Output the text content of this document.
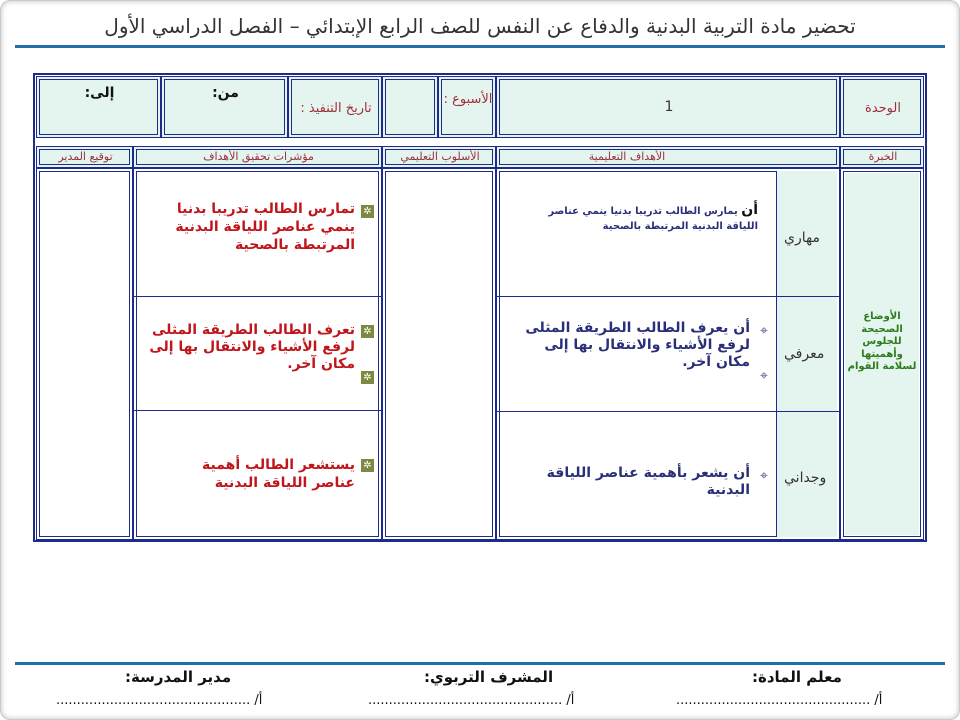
تحضير مادة التربية البدنية والدفاع عن النفس للصف الرابع الإبتدائي – الفصل الدراسي الأول
الوحدة
1
الأسبوع :
تاريخ التنفيذ :
من:
إلى:
الخبرة
الأهداف التعليمية
الأسلوب التعليمي
مؤشرات تحقيق الأهداف
توقيع المدير
الأوضاع الصحيحة للجلوس وأهميتها لسلامة القوام
مهاري
معرفي
وجداني
أن يمارس الطالب تدريبا بدنيا ينمي عناصر اللياقة البدنية المرتبطة بالصحية
⌖
⌖
أن يعرف الطالب الطريقة المثلى لرفع الأشياء والانتقال بها إلى مكان آخر.
⌖
أن يشعر بأهمية عناصر اللياقة البدنية
✲
تمارس الطالب تدريبا بدنيا ينمي عناصر اللياقة البدنية المرتبطة بالصحية
✲
✲
تعرف الطالب الطريقة المثلى لرفع الأشياء والانتقال بها إلى مكان آخر.
✲
يستشعر الطالب أهمية عناصر اللياقة البدنية
معلم المادة:
المشرف التربوي:
مدير المدرسة:
أ/ ...............................................
أ/ ...............................................
أ/ ...............................................
